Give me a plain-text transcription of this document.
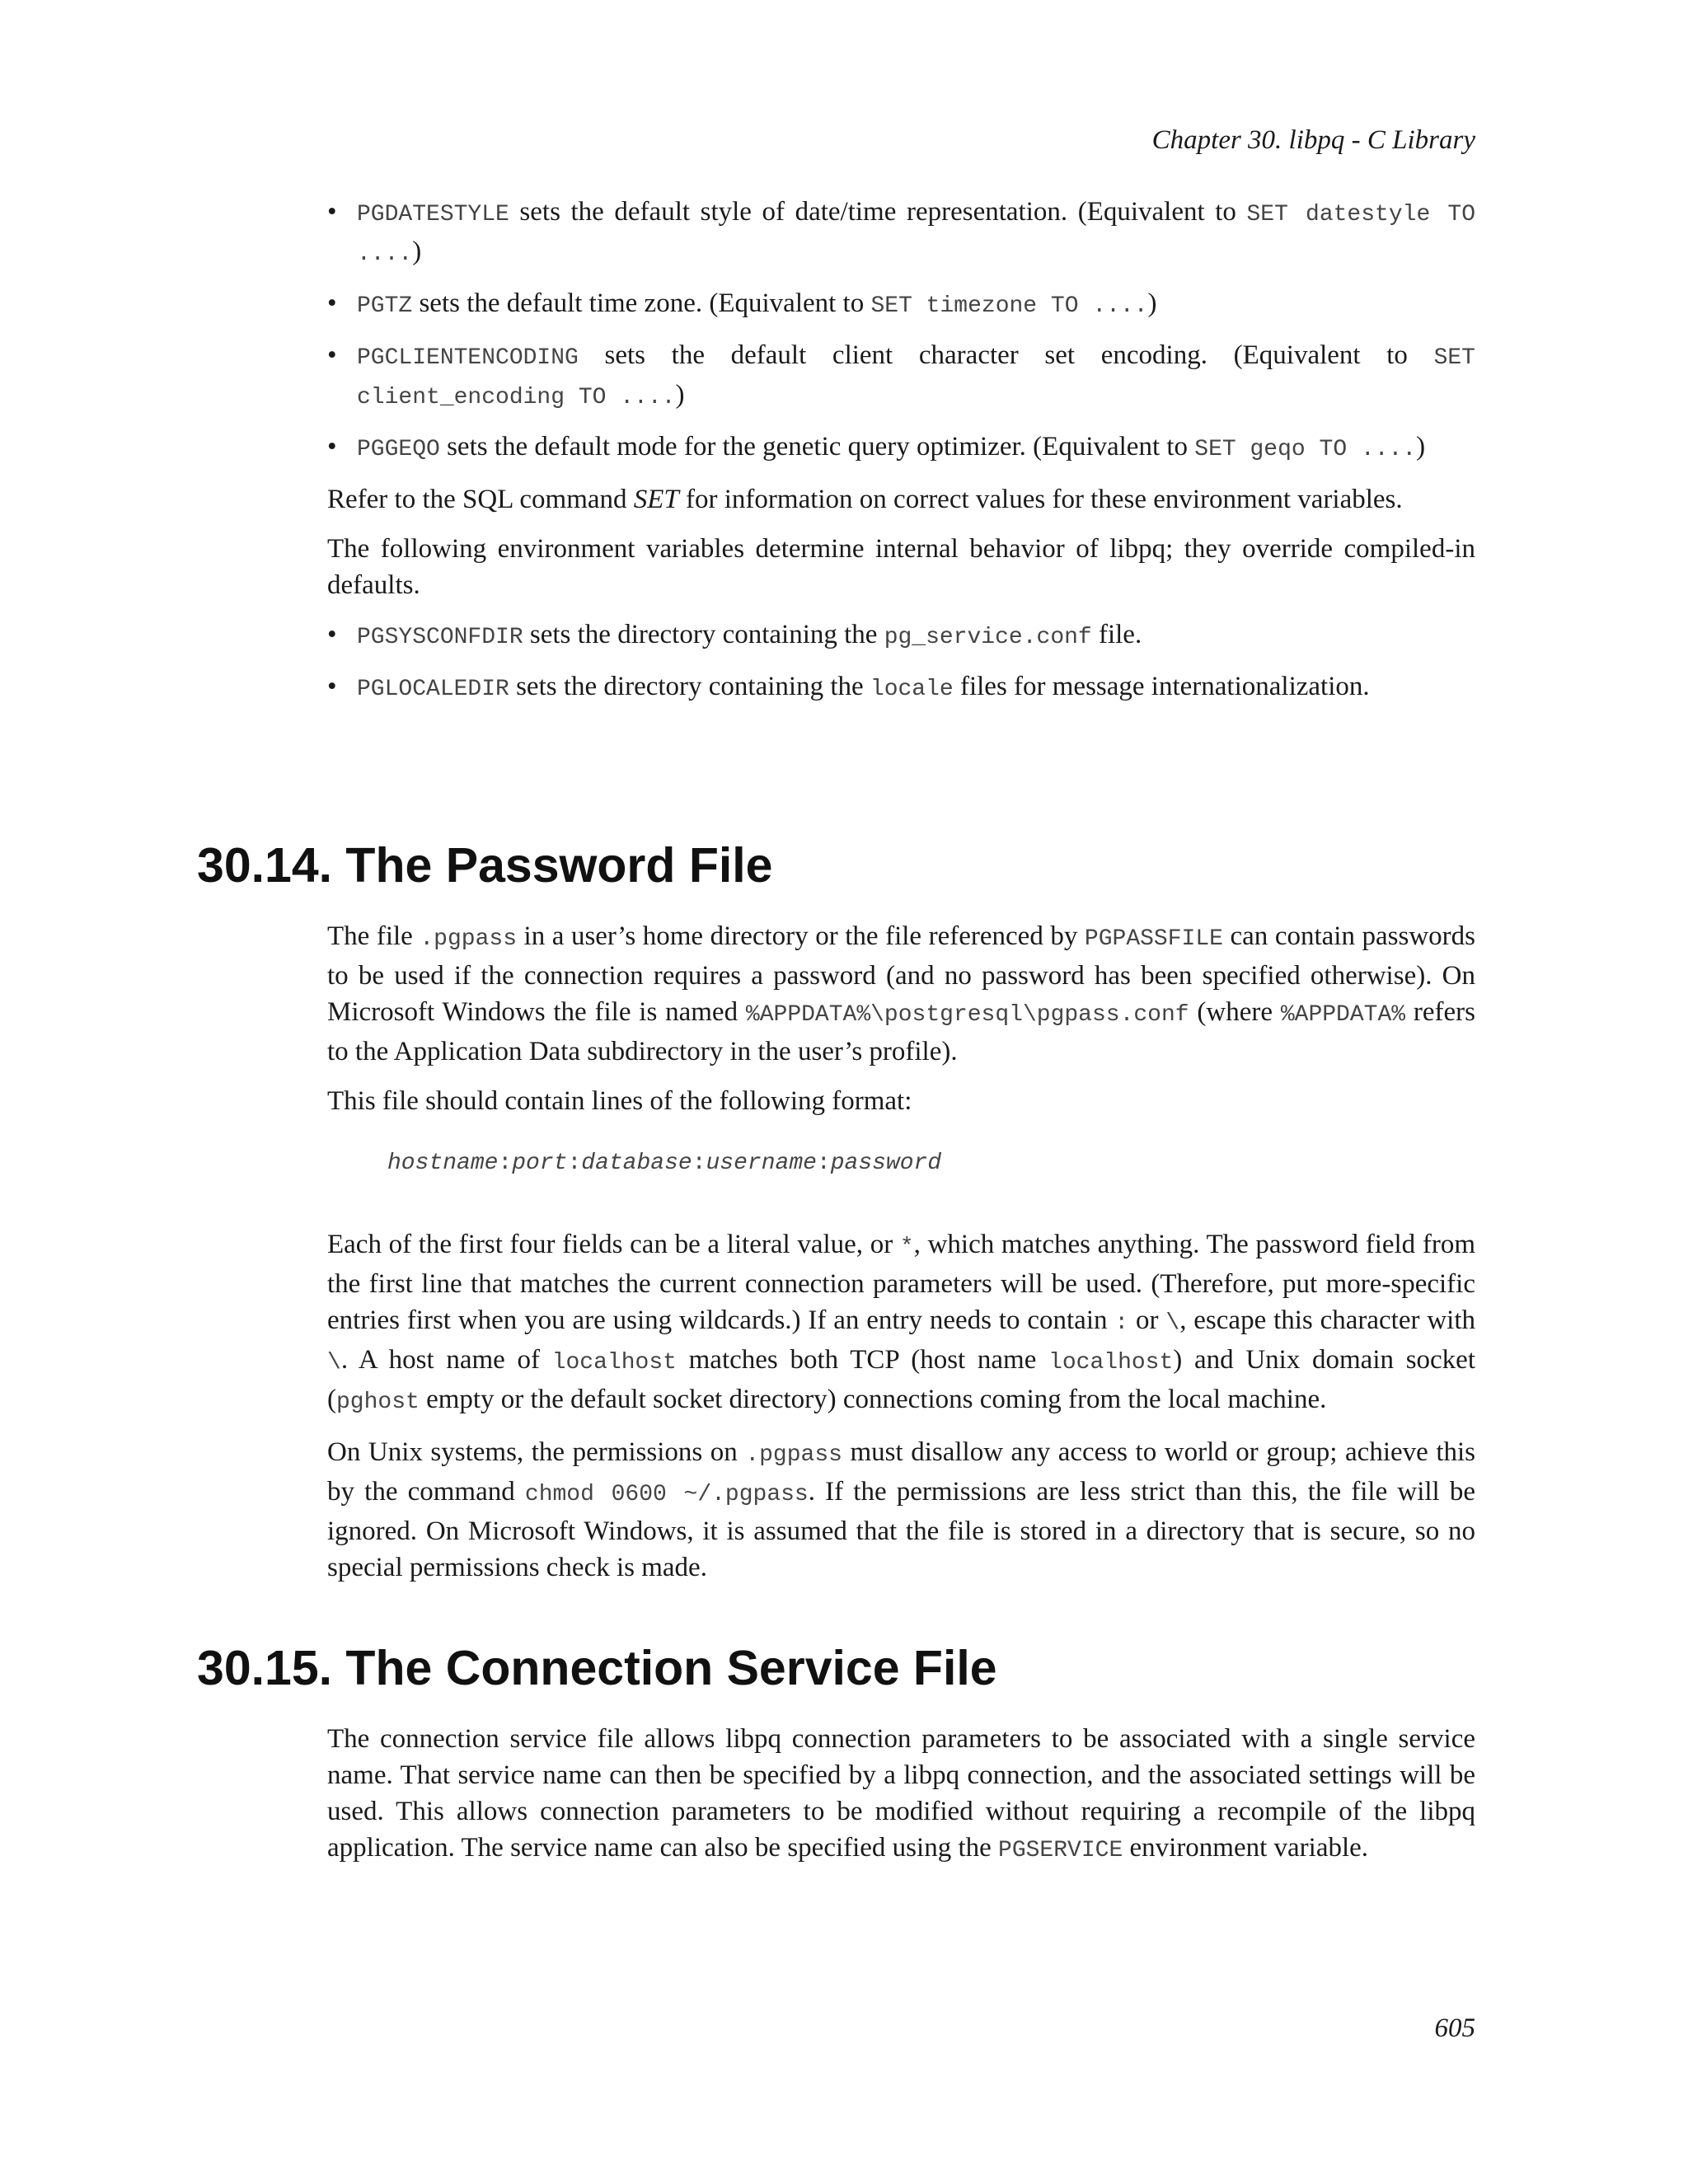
Chapter 30. libpq - C Library
• PGDATESTYLE sets the default style of date/time representation. (Equivalent to SET datestyle TO ....)
• PGTZ sets the default time zone. (Equivalent to SET timezone TO ....)
• PGCLIENTENCODING sets the default client character set encoding. (Equivalent to SET client_encoding TO ....)
• PGGEQO sets the default mode for the genetic query optimizer. (Equivalent to SET geqo TO ....)

Refer to the SQL command SET for information on correct values for these environment variables.

The following environment variables determine internal behavior of libpq; they override compiled-in defaults.

• PGSYSCONFDIR sets the directory containing the pg_service.conf file.
• PGLOCALEDIR sets the directory containing the locale files for message internationalization.
30.14. The Password File

The file .pgpass in a user’s home directory or the file referenced by PGPASSFILE can contain passwords to be used if the connection requires a password (and no password has been specified otherwise). On Microsoft Windows the file is named %APPDATA%\postgresql\pgpass.conf (where %APPDATA% refers to the Application Data subdirectory in the user’s profile).

This file should contain lines of the following format:

hostname:port:database:username:password

Each of the first four fields can be a literal value, or *, which matches anything. The password field from the first line that matches the current connection parameters will be used. (Therefore, put more-specific entries first when you are using wildcards.) If an entry needs to contain : or \, escape this character with \. A host name of localhost matches both TCP (host name localhost) and Unix domain socket (pghost empty or the default socket directory) connections coming from the local machine.

On Unix systems, the permissions on .pgpass must disallow any access to world or group; achieve this by the command chmod 0600 ~/.pgpass. If the permissions are less strict than this, the file will be ignored. On Microsoft Windows, it is assumed that the file is stored in a directory that is secure, so no special permissions check is made.

30.15. The Connection Service File

The connection service file allows libpq connection parameters to be associated with a single service name. That service name can then be specified by a libpq connection, and the associated settings will be used. This allows connection parameters to be modified without requiring a recompile of the libpq application. The service name can also be specified using the PGSERVICE environment variable.

605
